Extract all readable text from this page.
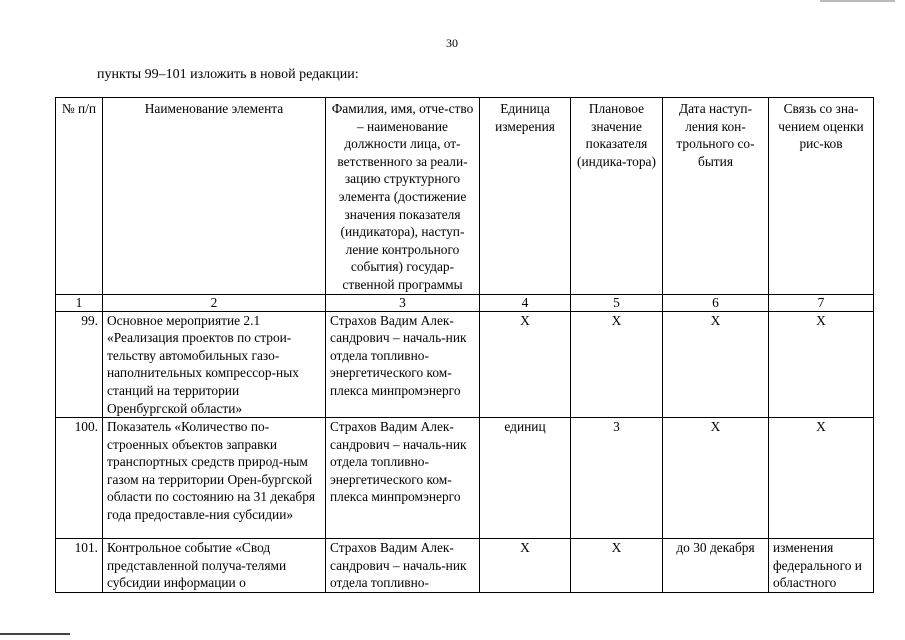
30
пункты 99–101 изложить в новой редакции:
№ п/п	Наименование элемента	Фамилия, имя, отче-ство – наименование должности лица, от-ветственного за реали-зацию структурного элемента (достижение значения показателя (индикатора), наступ-ление контрольного события) государ-ственной программы	Единица измерения	Плановое значение показателя (индика-тора)	Дата наступ-ления кон-трольного со-бытия	Связь со зна-чением оценки рис-ков
1	2	3	4	5	6	7
99.	Основное мероприятие 2.1 «Реализация проектов по строи-тельству автомобильных газо-наполнительных компрессор-ных станций на территории Оренбургской области»	Страхов Вадим Алек-сандрович – началь-ник отдела топливно-энергетического ком-плекса минпромэнерго	Х	Х	Х	Х
100.	Показатель «Количество по-строенных объектов заправки транспортных средств природ-ным газом на территории Орен-бургской области по состоянию на 31 декабря года предоставле-ния субсидии»	Страхов Вадим Алек-сандрович – началь-ник отдела топливно-энергетического ком-плекса минпромэнерго	единиц	3	Х	Х
101.	Контрольное событие «Свод представленной получа-телями субсидии информации о	Страхов Вадим Алек-сандрович – началь-ник отдела топливно-	Х	Х	до 30 декабря	изменения федерального и областного
